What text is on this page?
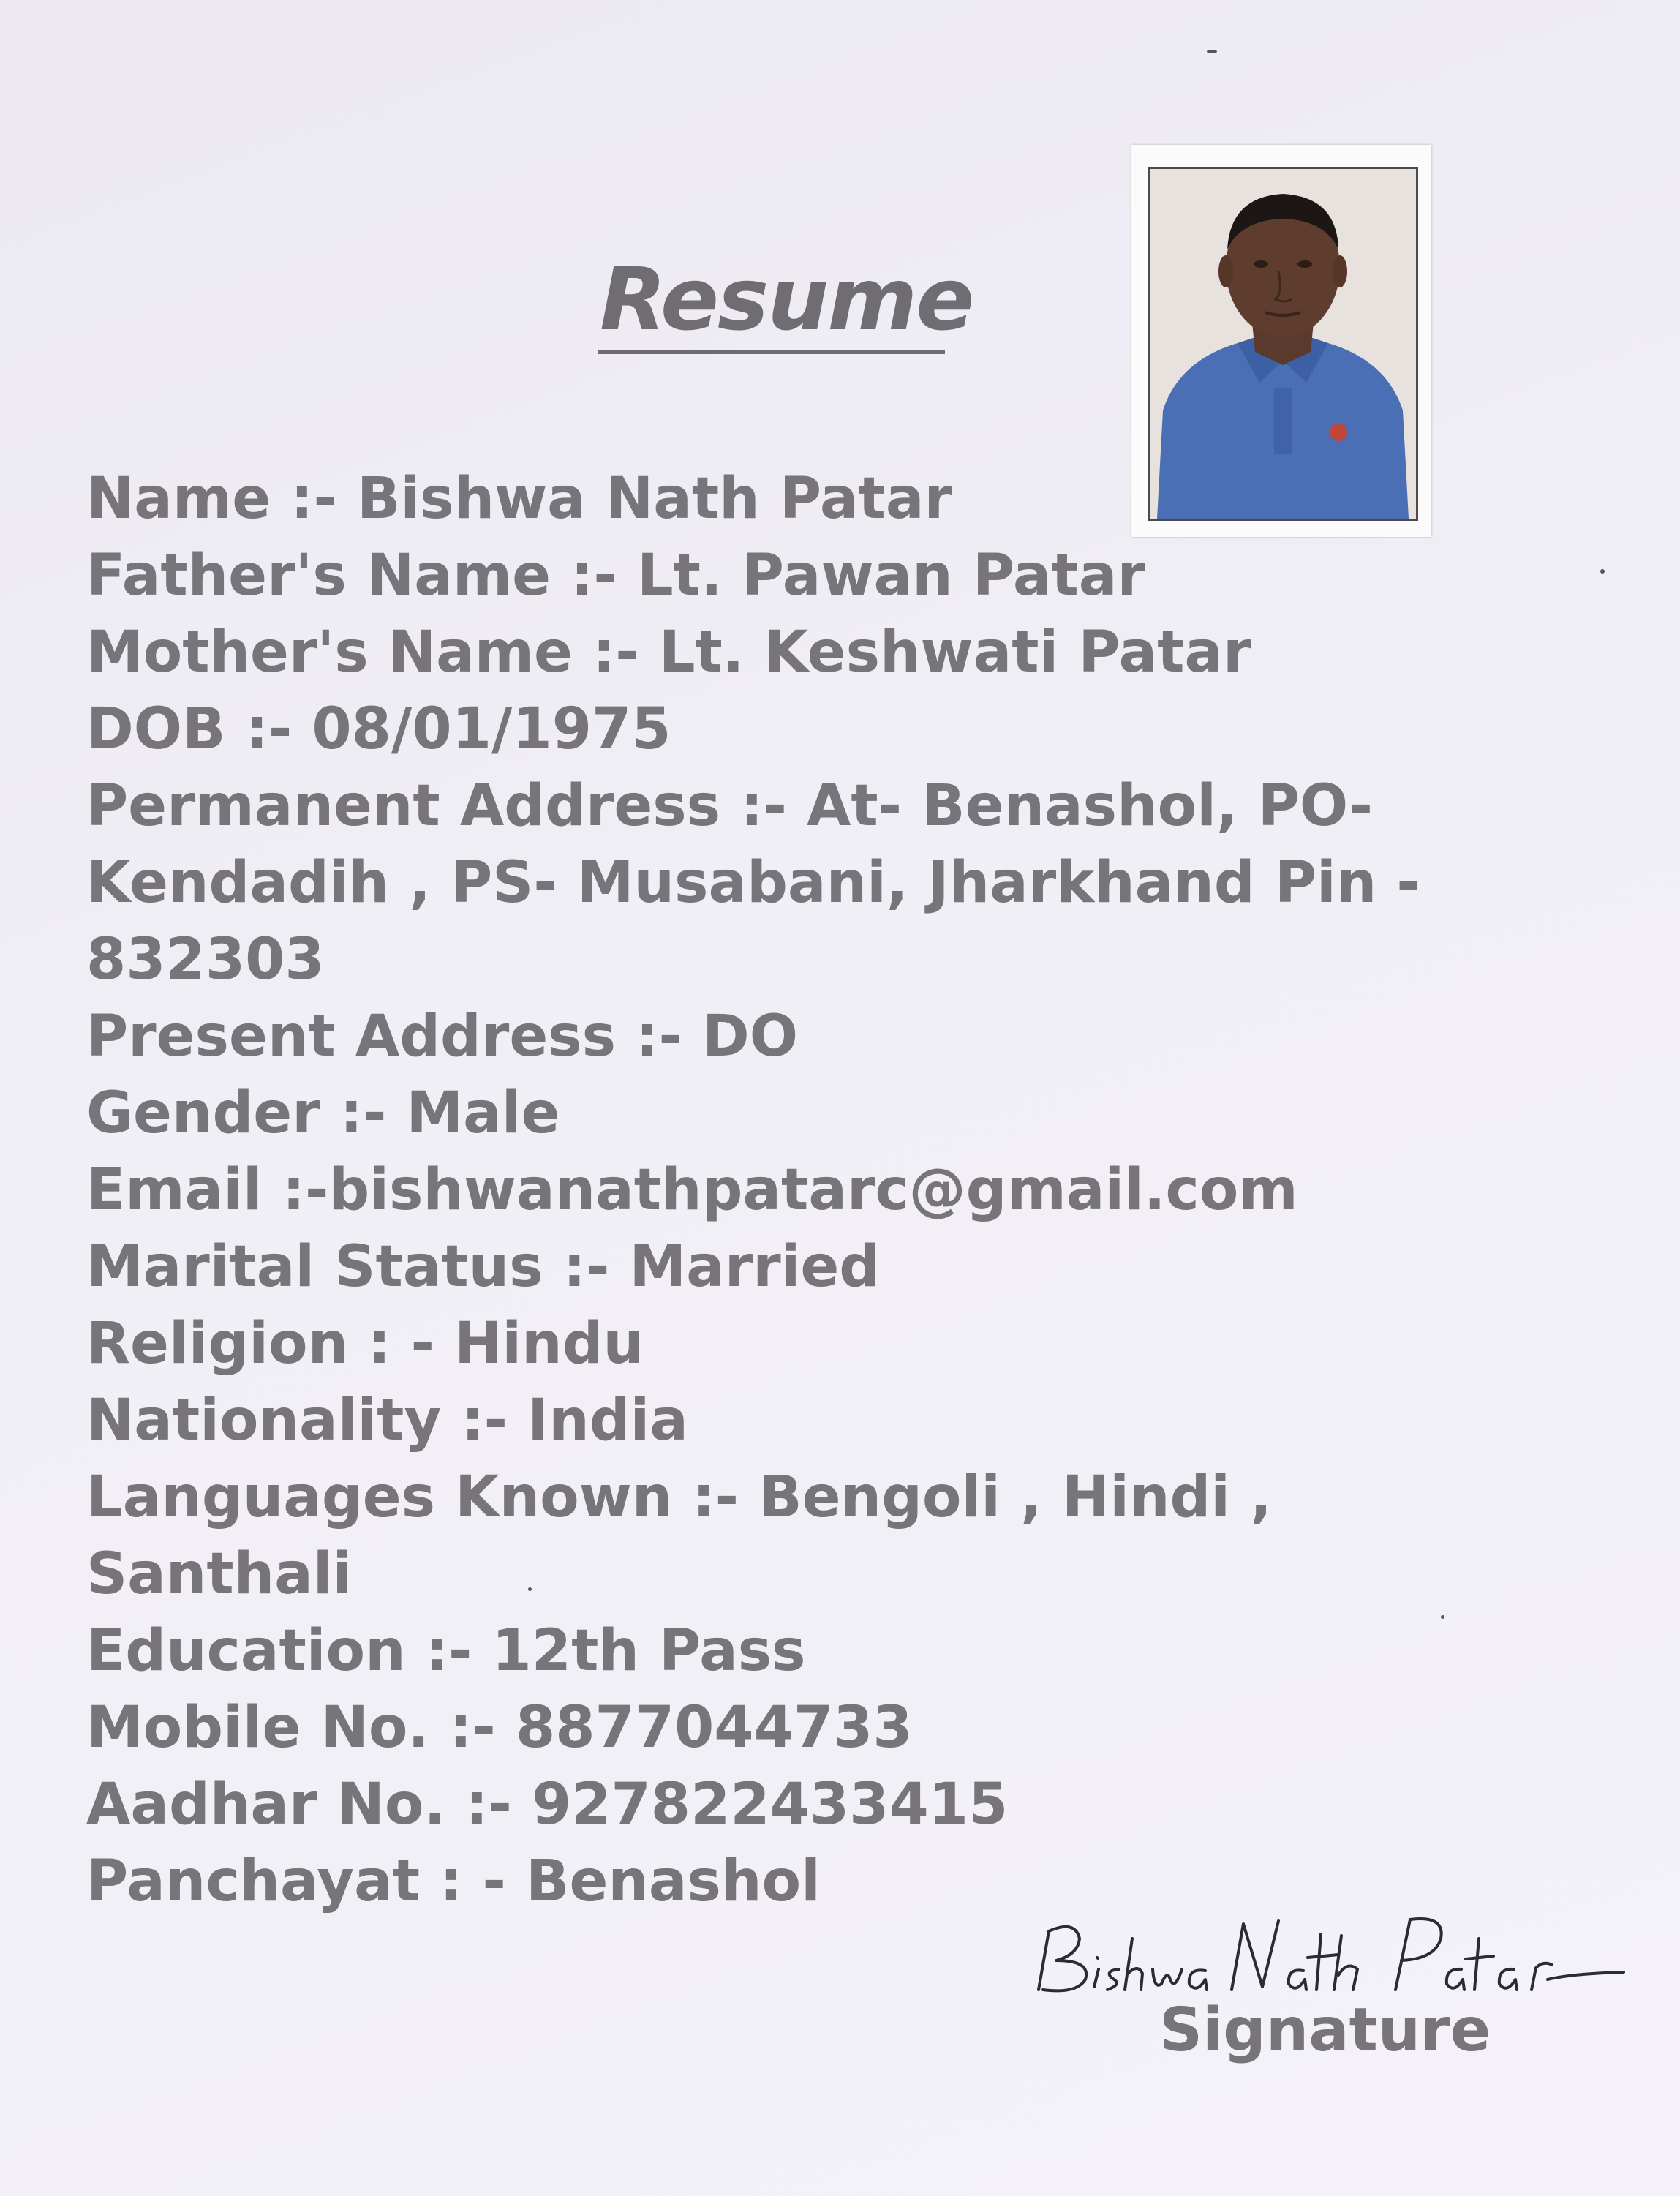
Resume
Name :- Bishwa Nath Patar
Father's Name :- Lt. Pawan Patar
Mother's Name :- Lt. Keshwati Patar
DOB :- 08/01/1975
Permanent Address :- At- Benashol, PO-
Kendadih , PS- Musabani, Jharkhand Pin -
832303
Present Address :- DO
Gender :- Male
Email :-bishwanathpatarc@gmail.com
Marital Status :- Married
Religion : - Hindu
Nationality :- India
Languages Known :- Bengoli , Hindi ,
Santhali
Education :- 12th Pass
Mobile No. :- 8877044733
Aadhar No. :- 927822433415
Panchayat : - Benashol
Signature
